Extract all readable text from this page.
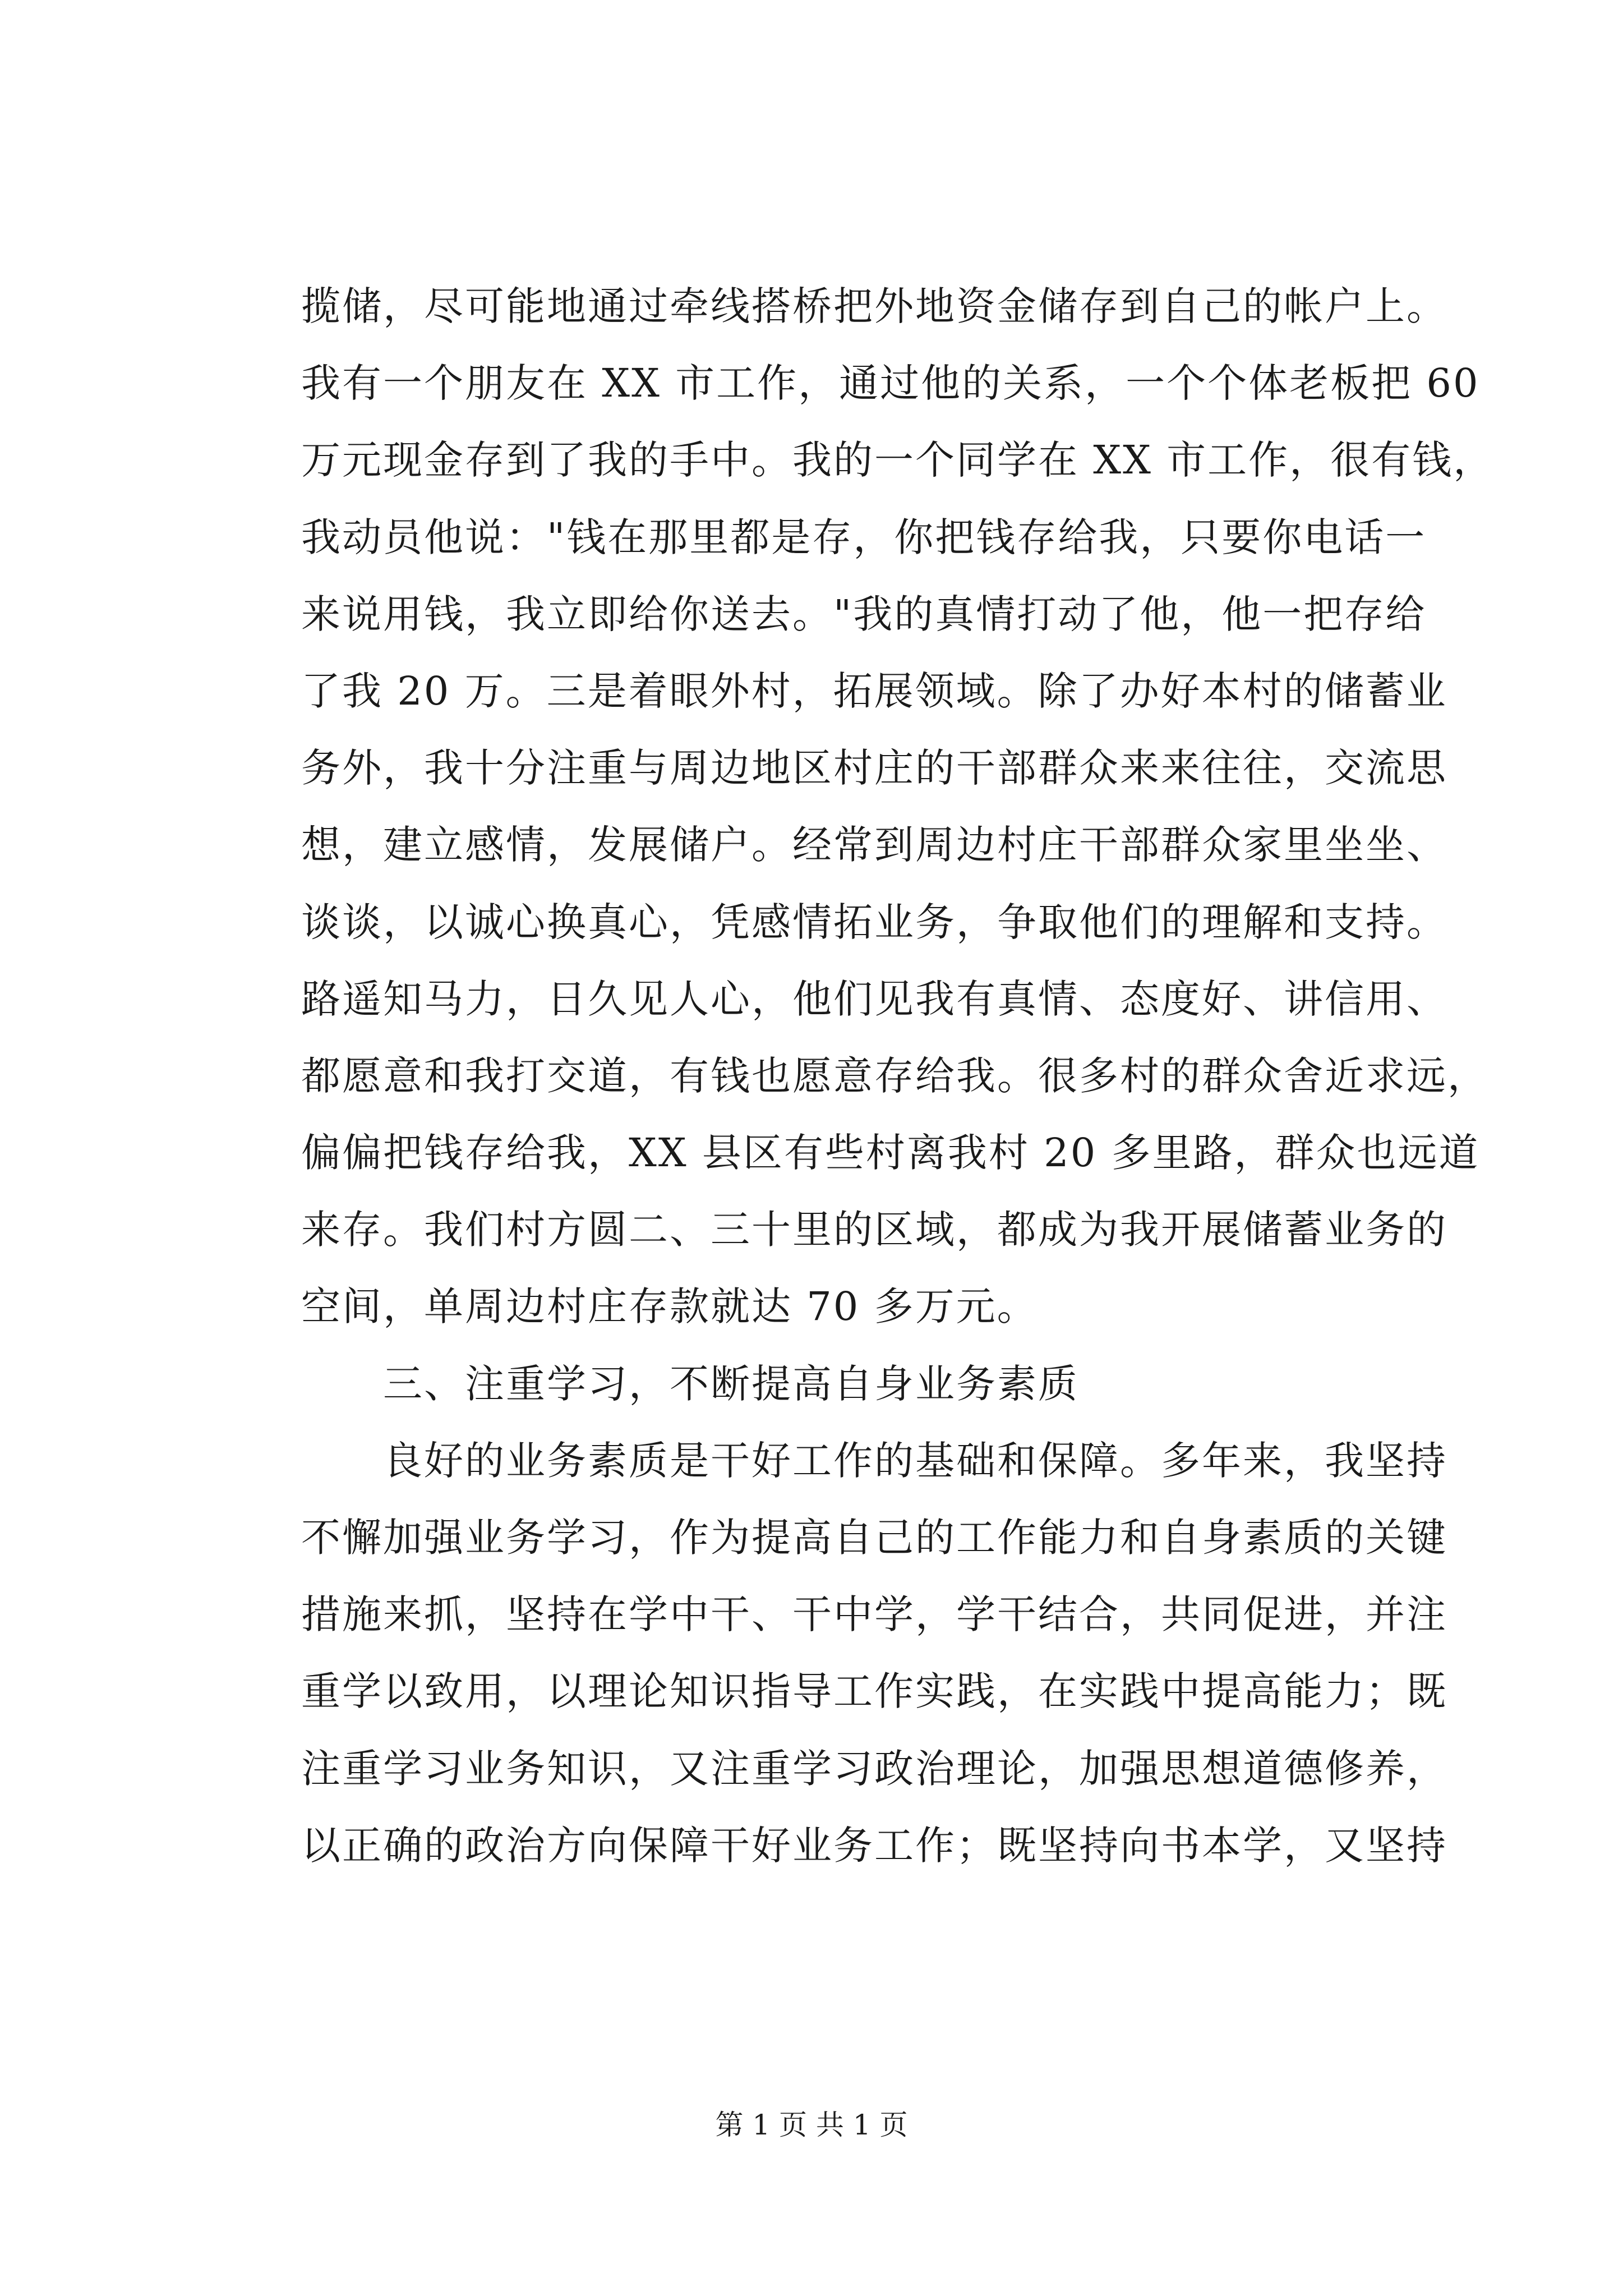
揽储，尽可能地通过牵线搭桥把外地资金储存到自己的帐户上。
我有一个朋友在 XX 市工作，通过他的关系，一个个体老板把 60
万元现金存到了我的手中。我的一个同学在 XX 市工作，很有钱，
我动员他说："钱在那里都是存，你把钱存给我，只要你电话一
来说用钱，我立即给你送去。"我的真情打动了他，他一把存给
了我 20 万。三是着眼外村，拓展领域。除了办好本村的储蓄业
务外，我十分注重与周边地区村庄的干部群众来来往往，交流思
想，建立感情，发展储户。经常到周边村庄干部群众家里坐坐、
谈谈，以诚心换真心，凭感情拓业务，争取他们的理解和支持。
路遥知马力，日久见人心，他们见我有真情、态度好、讲信用、
都愿意和我打交道，有钱也愿意存给我。很多村的群众舍近求远，
偏偏把钱存给我，XX 县区有些村离我村 20 多里路，群众也远道
来存。我们村方圆二、三十里的区域，都成为我开展储蓄业务的
空间，单周边村庄存款就达 70 多万元。
　　三、注重学习，不断提高自身业务素质
　　良好的业务素质是干好工作的基础和保障。多年来，我坚持
不懈加强业务学习，作为提高自己的工作能力和自身素质的关键
措施来抓，坚持在学中干、干中学，学干结合，共同促进，并注
重学以致用，以理论知识指导工作实践，在实践中提高能力；既
注重学习业务知识，又注重学习政治理论，加强思想道德修养，
以正确的政治方向保障干好业务工作；既坚持向书本学，又坚持
第 1 页 共 1 页
